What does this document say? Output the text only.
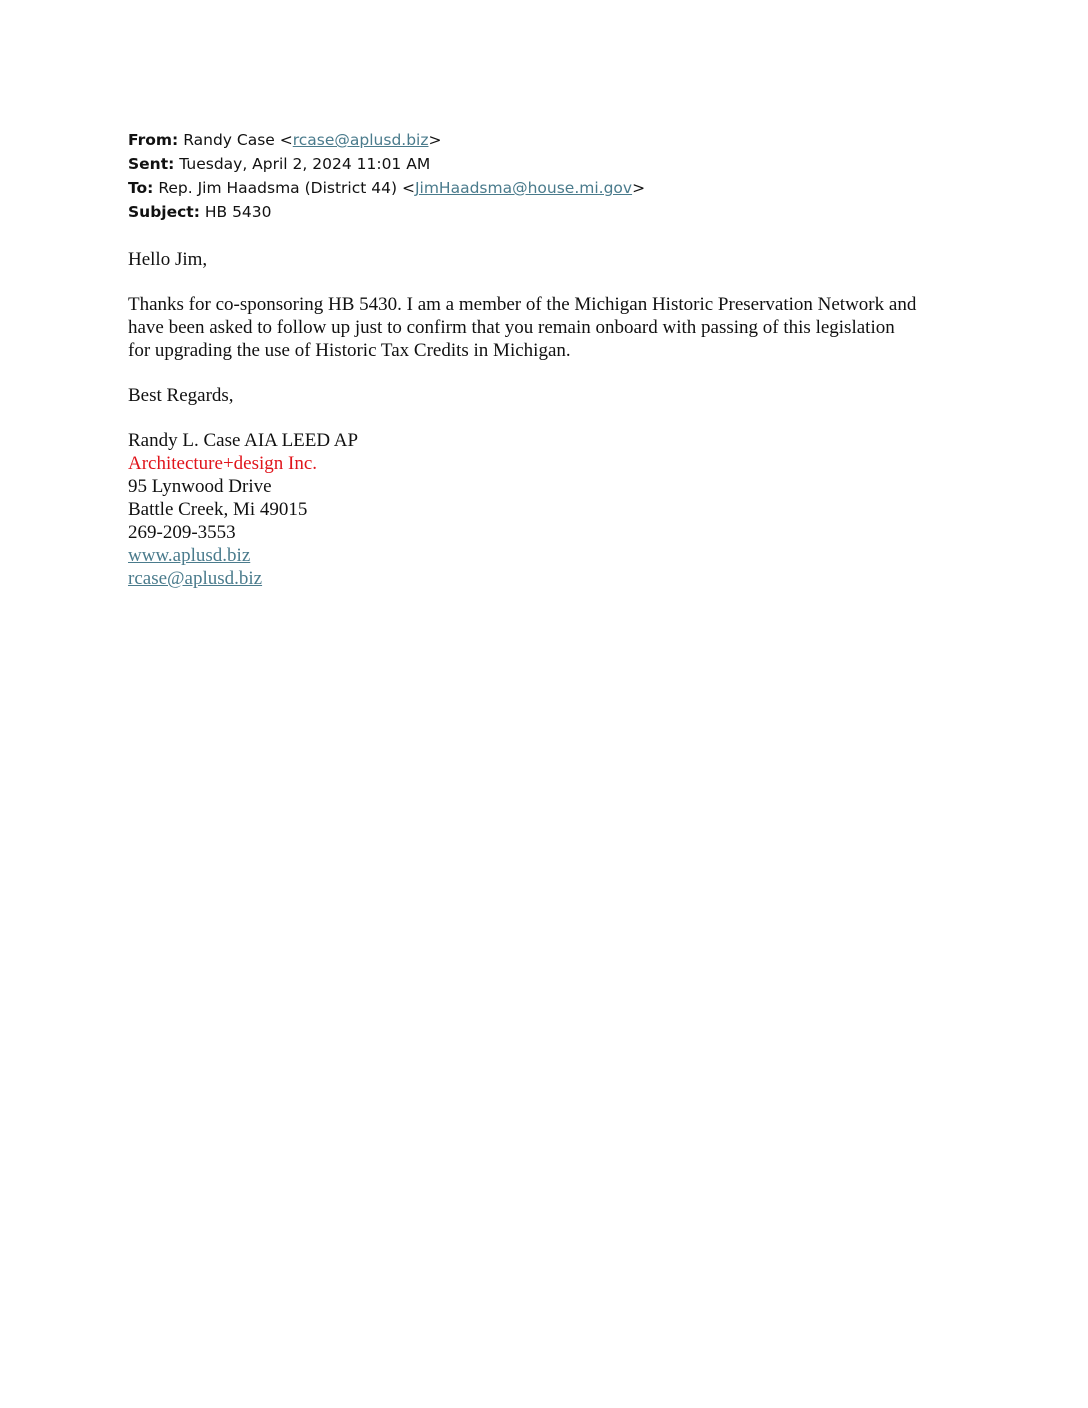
From: Randy Case <rcase@aplusd.biz>
Sent: Tuesday, April 2, 2024 11:01 AM
To: Rep. Jim Haadsma (District 44) <JimHaadsma@house.mi.gov>
Subject: HB 5430
Hello Jim,
Thanks for co-sponsoring HB 5430. I am a member of the Michigan Historic Preservation Network and have been asked to follow up just to confirm that you remain onboard with passing of this legislation for upgrading the use of Historic Tax Credits in Michigan.
Best Regards,
Randy L. Case AIA LEED AP
Architecture+design Inc.
95 Lynwood Drive
Battle Creek, Mi 49015
269-209-3553
www.aplusd.biz
rcase@aplusd.biz
